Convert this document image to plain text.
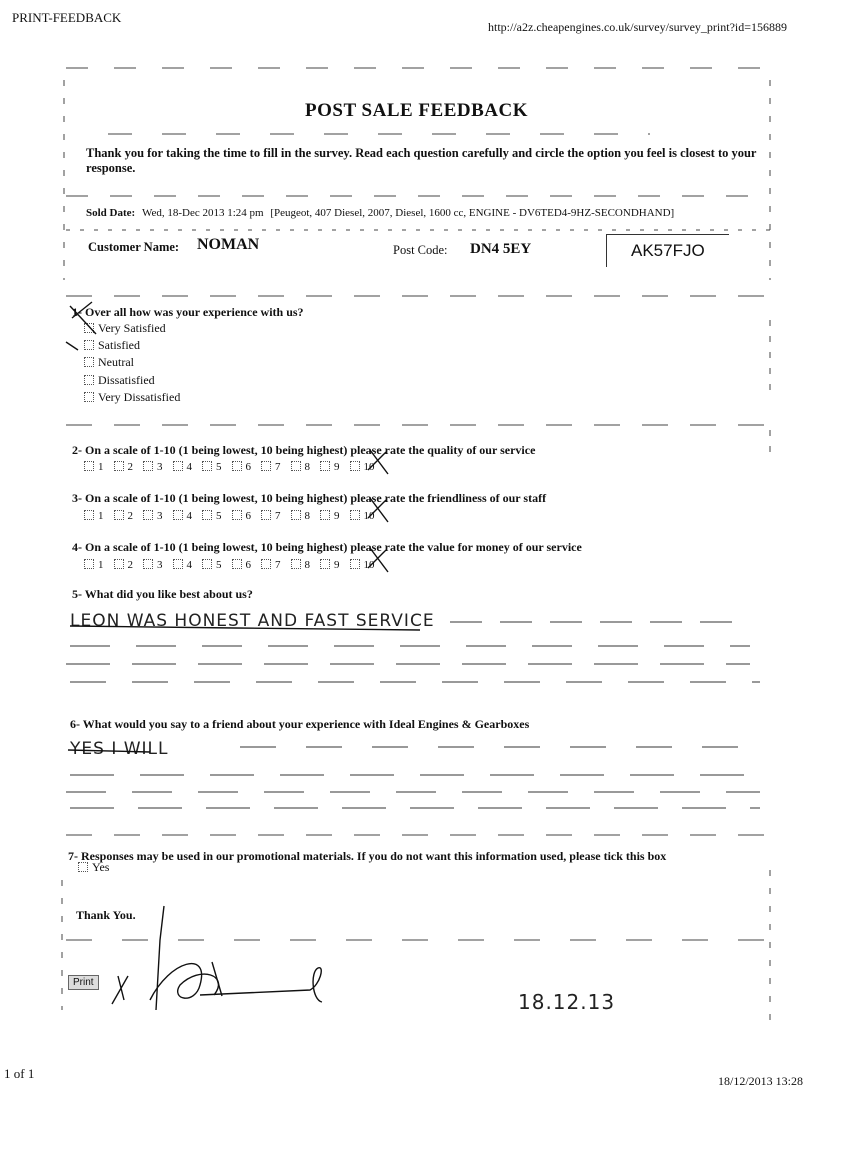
PRINT-FEEDBACK
http://a2z.cheapengines.co.uk/survey/survey_print?id=156889
POST SALE FEEDBACK
Thank you for taking the time to fill in the survey. Read each question carefully and circle the option you feel is closest to your response.
Sold Date: Wed, 18-Dec 2013 1:24 pm [Peugeot, 407 Diesel, 2007, Diesel, 1600 cc, ENGINE - DV6TED4-9HZ-SECONDHAND]
Customer Name: NOMAN	Post Code: DN4 5EY	AK57FJO
1- Over all how was your experience with us?
Very Satisfied
Satisfied
Neutral
Dissatisfied
Very Dissatisfied
2- On a scale of 1-10 (1 being lowest, 10 being highest) please rate the quality of our service
1 2 3 4 5 6 7 8 9 10
3- On a scale of 1-10 (1 being lowest, 10 being highest) please rate the friendliness of our staff
1 2 3 4 5 6 7 8 9 10
4- On a scale of 1-10 (1 being lowest, 10 being highest) please rate the value for money of our service
1 2 3 4 5 6 7 8 9 10
5- What did you like best about us?
LEON WAS HONEST AND FAST SERVICE
6- What would you say to a friend about your experience with Ideal Engines & Gearboxes
YES I WILL
7- Responses may be used in our promotional materials. If you do not want this information used, please tick this box
Yes
Thank You.
Print
18.12.13
1 of 1	18/12/2013 13:28
